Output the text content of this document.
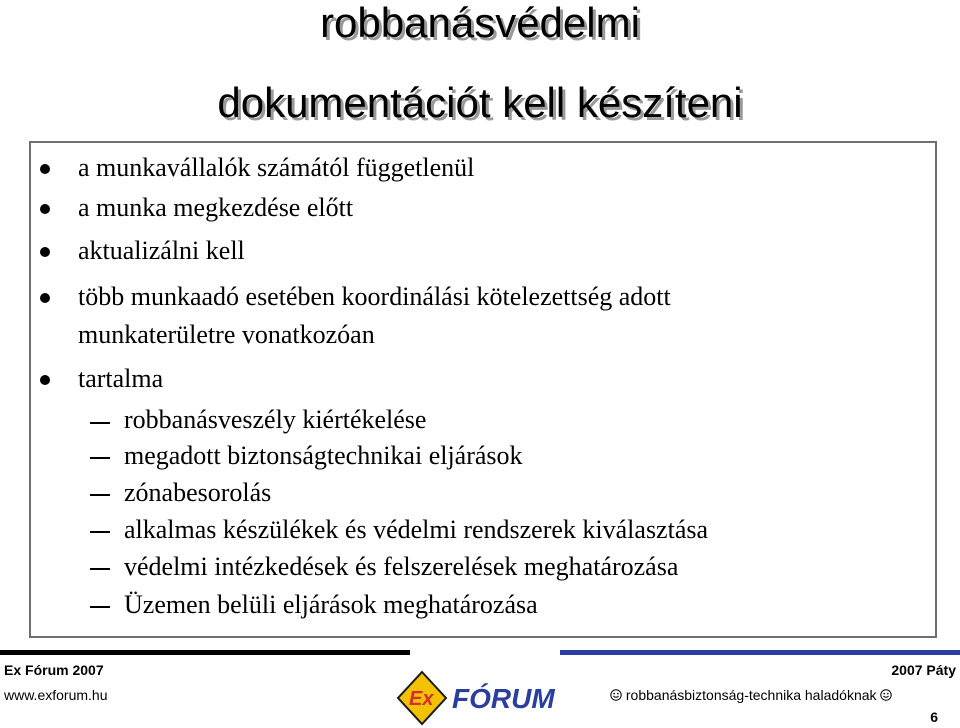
robbanásvédelmi
dokumentációt kell készíteni
a munkavállalók számától függetlenül
a munka megkezdése előtt
aktualizálni kell
több munkaadó esetében koordinálási kötelezettség adott
munkaterületre vonatkozóan
tartalma
robbanásveszély kiértékelése
megadott biztonságtechnikai eljárások
zónabesorolás
alkalmas készülékek és védelmi rendszerek kiválasztása
védelmi intézkedések és felszerelések meghatározása
Üzemen belüli eljárások meghatározása
Ex Fórum 2007
www.exforum.hu
2007 Páty
robbanásbiztonság-technika haladóknak
6
Ex FÓRUM
